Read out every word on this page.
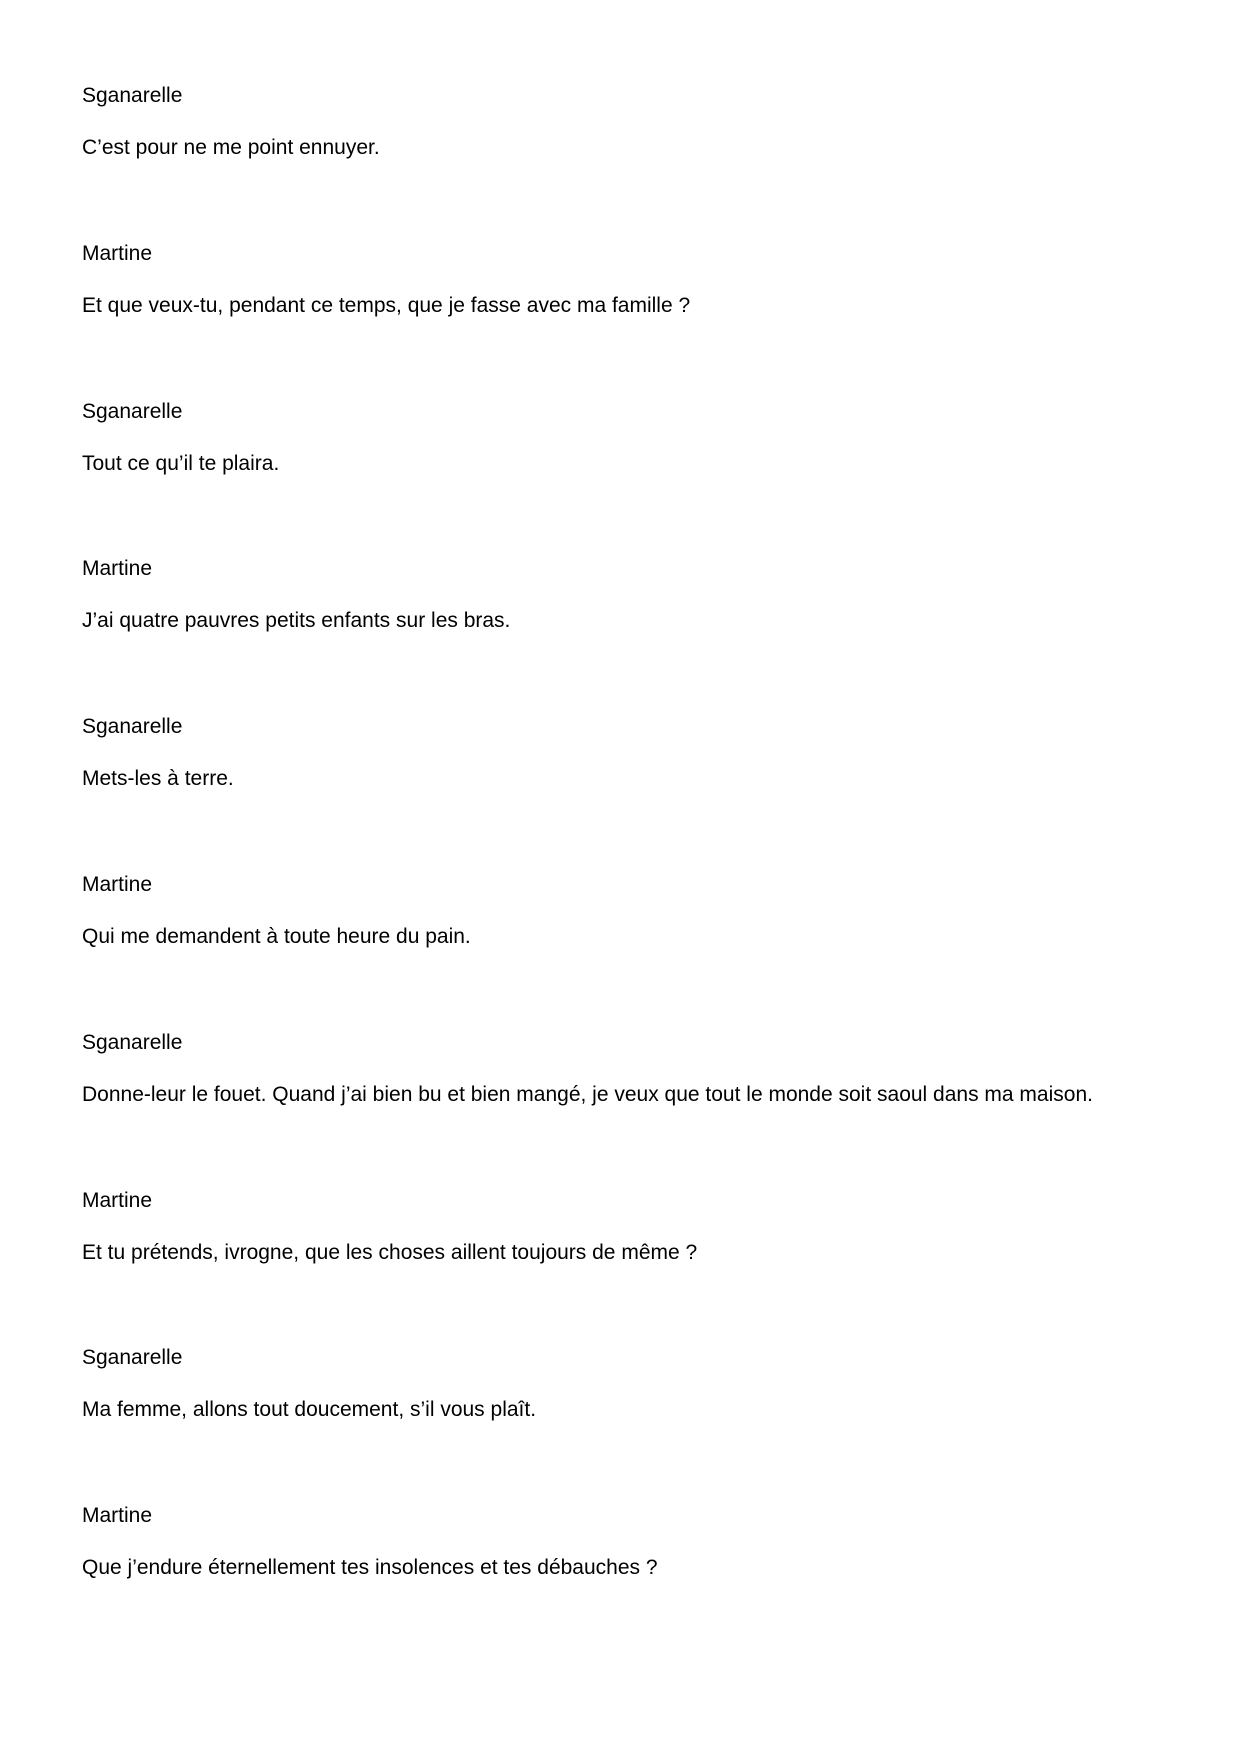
Sganarelle
C’est pour ne me point ennuyer.
Martine
Et que veux-tu, pendant ce temps, que je fasse avec ma famille ?
Sganarelle
Tout ce qu’il te plaira.
Martine
J’ai quatre pauvres petits enfants sur les bras.
Sganarelle
Mets-les à terre.
Martine
Qui me demandent à toute heure du pain.
Sganarelle
Donne-leur le fouet. Quand j’ai bien bu et bien mangé, je veux que tout le monde soit saoul dans ma maison.
Martine
Et tu prétends, ivrogne, que les choses aillent toujours de même ?
Sganarelle
Ma femme, allons tout doucement, s’il vous plaît.
Martine
Que j’endure éternellement tes insolences et tes débauches ?
